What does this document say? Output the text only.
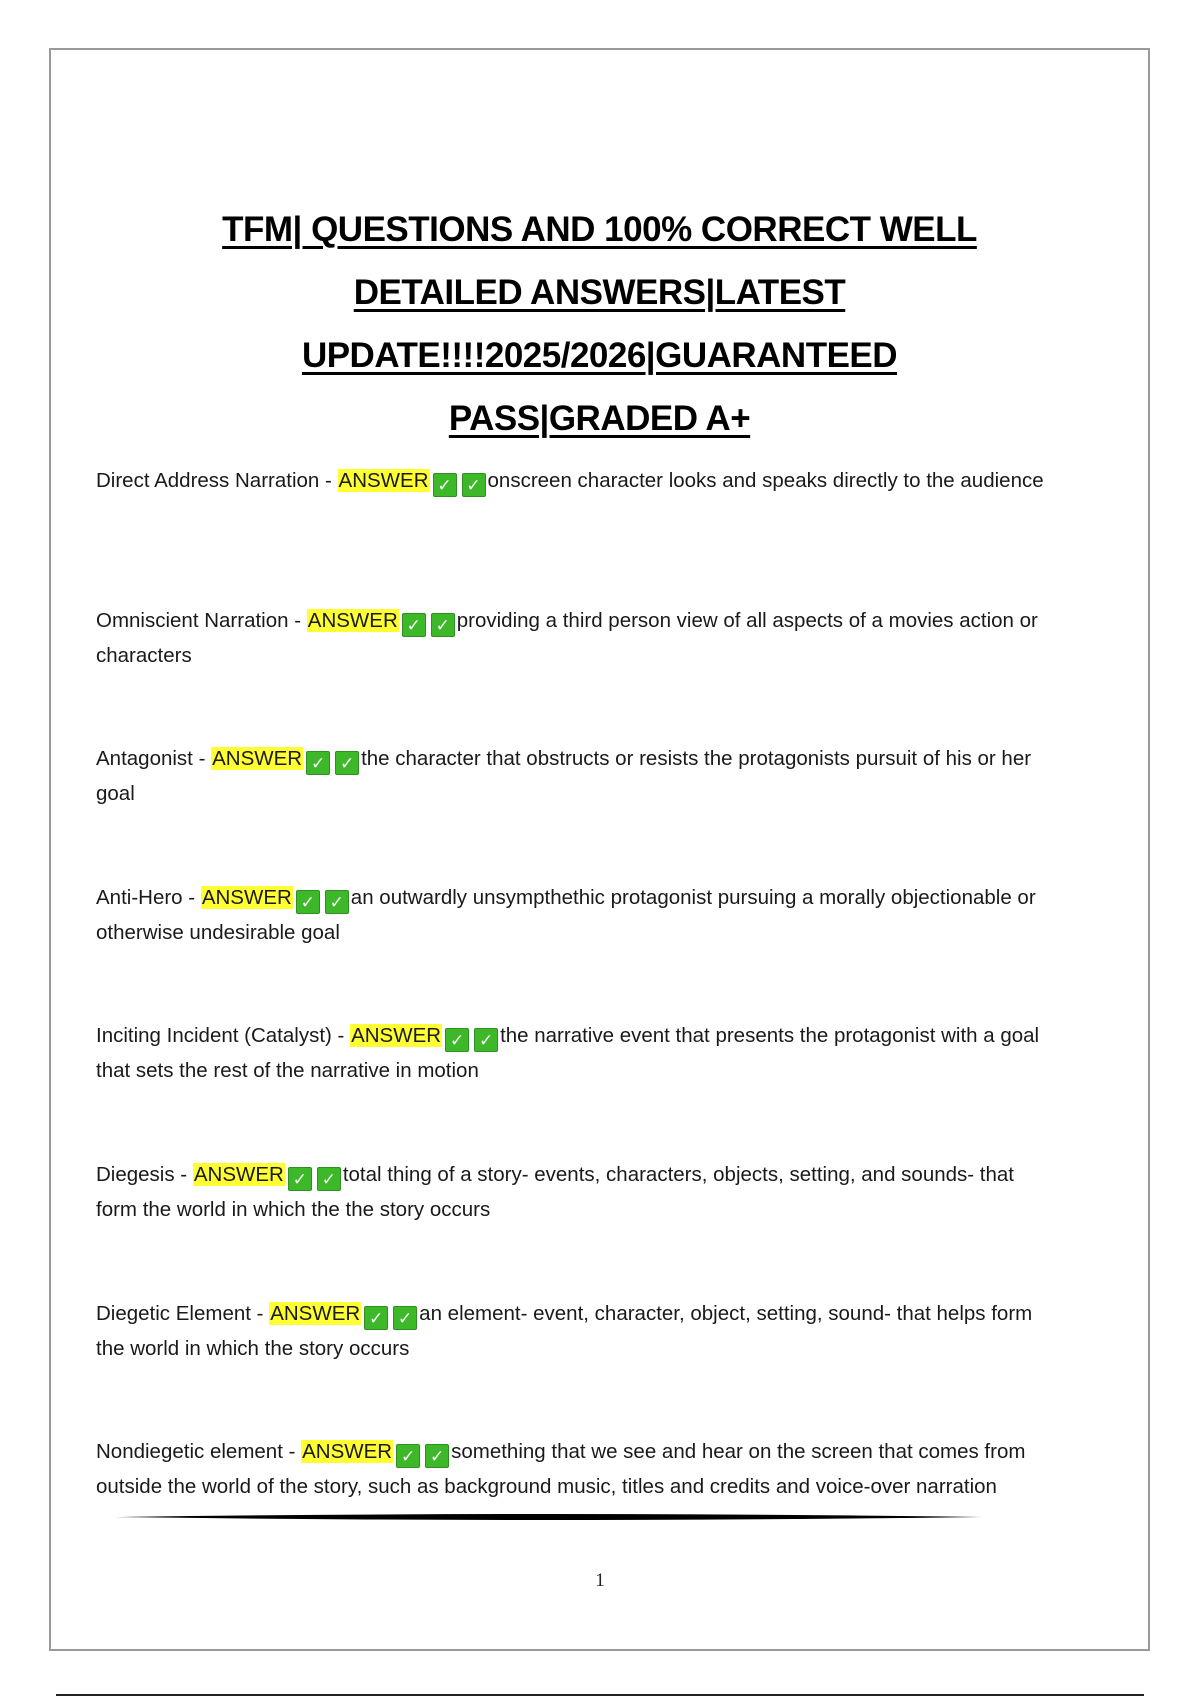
TFM| QUESTIONS AND 100% CORRECT WELL
DETAILED ANSWERS|LATEST
UPDATE!!!!2025/2026|GUARANTEED
PASS|GRADED A+

Direct Address Narration - ANSWER ✓ ✓ onscreen character looks and speaks directly to the audience

Omniscient Narration - ANSWER ✓ ✓ providing a third person view of all aspects of a movies action or characters

Antagonist - ANSWER ✓ ✓ the character that obstructs or resists the protagonists pursuit of his or her goal

Anti-Hero - ANSWER ✓ ✓ an outwardly unsympthethic protagonist pursuing a morally objectionable or otherwise undesirable goal

Inciting Incident (Catalyst) - ANSWER ✓ ✓ the narrative event that presents the protagonist with a goal that sets the rest of the narrative in motion

Diegesis - ANSWER ✓ ✓ total thing of a story- events, characters, objects, setting, and sounds- that form the world in which the the story occurs

Diegetic Element - ANSWER ✓ ✓ an element- event, character, object, setting, sound- that helps form the world in which the story occurs

Nondiegetic element - ANSWER ✓ ✓ something that we see and hear on the screen that comes from outside the world of the story, such as background music, titles and credits and voice-over narration

1
